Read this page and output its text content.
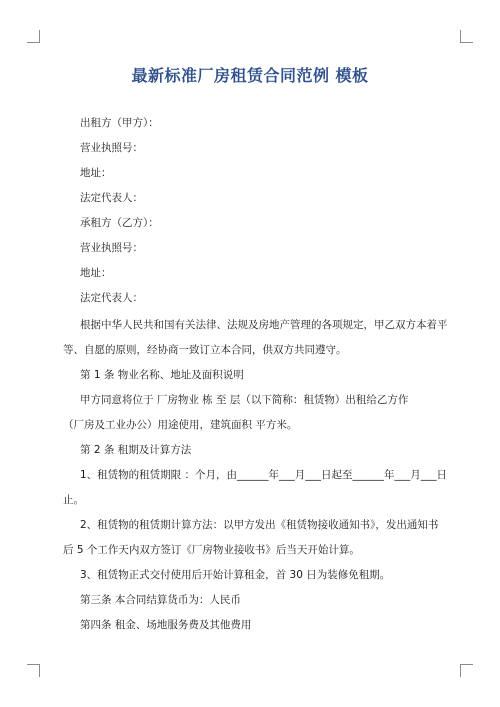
最新标准厂房租赁合同范例 模板
出租方（甲方）：
营业执照号：
地址：
法定代表人：
承租方（乙方）：
营业执照号：
地址：
法定代表人：
根据中华人民共和国有关法律、法规及房地产管理的各项规定，甲乙双方本着平
等、自愿的原则，经协商一致订立本合同，供双方共同遵守。
第 1 条 物业名称、地址及面积说明
甲方同意将位于 厂房物业 栋 至 层（以下简称：租赁物）出租给乙方作
（厂房及工业办公）用途使用，建筑面积 平方米。
第 2 条 租期及计算方法
1、租赁物的租赁期限 ：个月，由______年___月___日起至______年___月___日
止。
2、租赁物的租赁期计算方法：以甲方发出《租赁物接收通知书》，发出通知书
后 5 个工作天内双方签订《厂房物业接收书》后当天开始计算。
3、租赁物正式交付使用后开始计算租金，首 30 日为装修免租期。
第三条 本合同结算货币为：人民币
第四条 租金、场地服务费及其他费用
